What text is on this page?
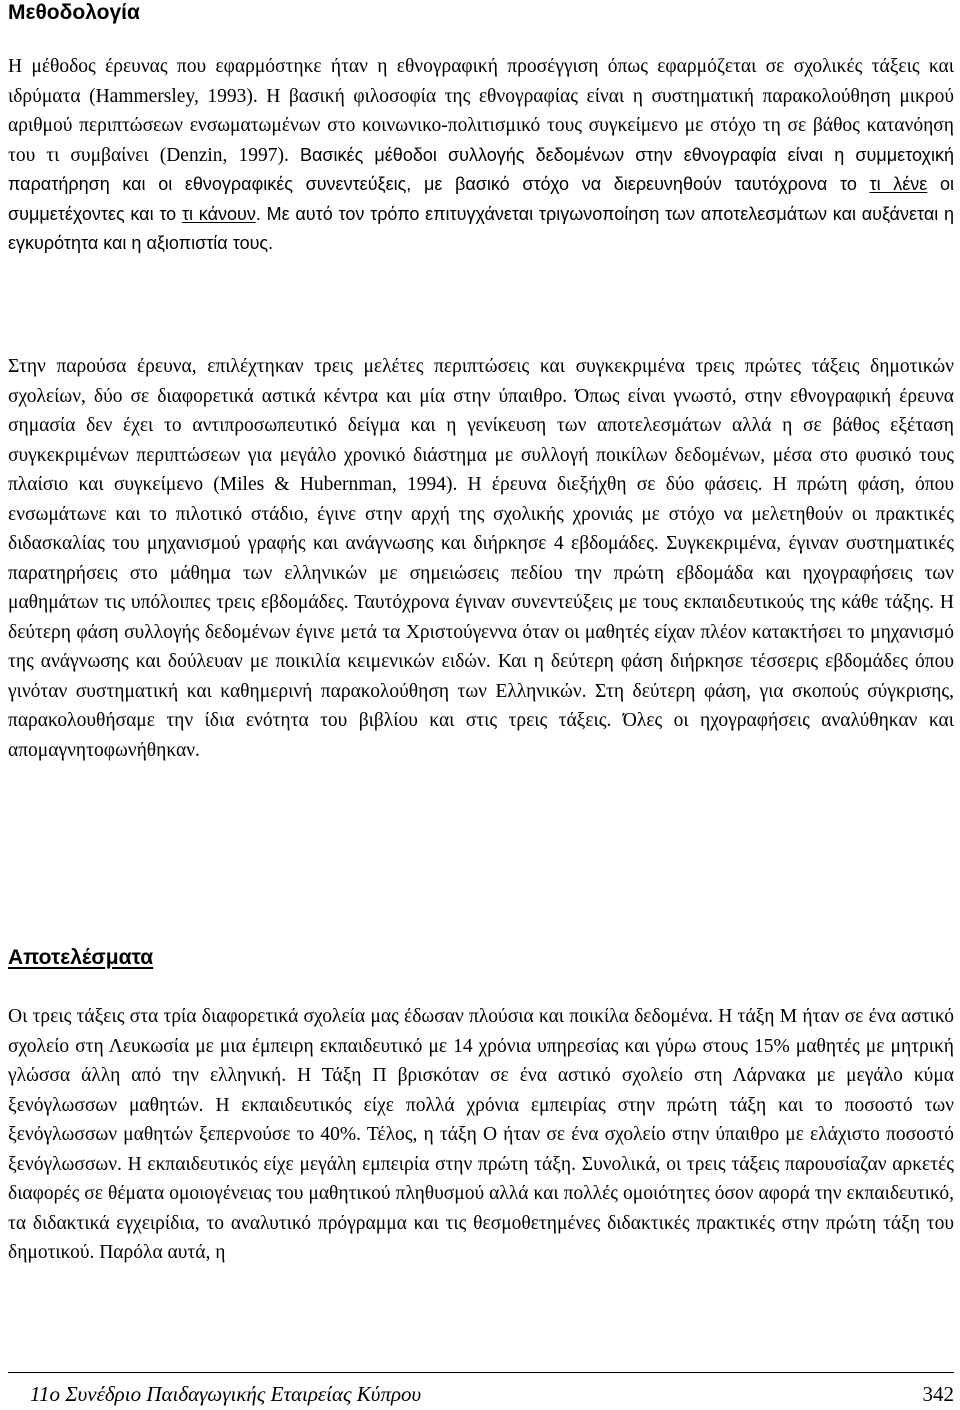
Μεθοδολογία

Η μέθοδος έρευνας που εφαρμόστηκε ήταν η εθνογραφική προσέγγιση όπως εφαρμόζεται σε σχολικές τάξεις και ιδρύματα (Hammersley, 1993). Η βασική φιλοσοφία της εθνογραφίας είναι η συστηματική παρακολούθηση μικρού αριθμού περιπτώσεων ενσωματωμένων στο κοινωνικο-πολιτισμικό τους συγκείμενο με στόχο τη σε βάθος κατανόηση του τι συμβαίνει (Denzin, 1997). Βασικές μέθοδοι συλλογής δεδομένων στην εθνογραφία είναι η συμμετοχική παρατήρηση και οι εθνογραφικές συνεντεύξεις, με βασικό στόχο να διερευνηθούν ταυτόχρονα το τι λένε οι συμμετέχοντες και το τι κάνουν. Με αυτό τον τρόπο επιτυγχάνεται τριγωνοποίηση των αποτελεσμάτων και αυξάνεται η εγκυρότητα και η αξιοπιστία τους.

Στην παρούσα έρευνα, επιλέχτηκαν τρεις μελέτες περιπτώσεις και συγκεκριμένα τρεις πρώτες τάξεις δημοτικών σχολείων, δύο σε διαφορετικά αστικά κέντρα και μία στην ύπαιθρο. Όπως είναι γνωστό, στην εθνογραφική έρευνα σημασία δεν έχει το αντιπροσωπευτικό δείγμα και η γενίκευση των αποτελεσμάτων αλλά η σε βάθος εξέταση συγκεκριμένων περιπτώσεων για μεγάλο χρονικό διάστημα με συλλογή ποικίλων δεδομένων, μέσα στο φυσικό τους πλαίσιο και συγκείμενο (Miles & Hubernman, 1994). Η έρευνα διεξήχθη σε δύο φάσεις. Η πρώτη φάση, όπου ενσωμάτωνε και το πιλοτικό στάδιο, έγινε στην αρχή της σχολικής χρονιάς με στόχο να μελετηθούν οι πρακτικές διδασκαλίας του μηχανισμού γραφής και ανάγνωσης και διήρκησε 4 εβδομάδες. Συγκεκριμένα, έγιναν συστηματικές παρατηρήσεις στο μάθημα των ελληνικών με σημειώσεις πεδίου την πρώτη εβδομάδα και ηχογραφήσεις των μαθημάτων τις υπόλοιπες τρεις εβδομάδες. Ταυτόχρονα έγιναν συνεντεύξεις με τους εκπαιδευτικούς της κάθε τάξης. Η δεύτερη φάση συλλογής δεδομένων έγινε μετά τα Χριστούγεννα όταν οι μαθητές είχαν πλέον κατακτήσει το μηχανισμό της ανάγνωσης και δούλευαν με ποικιλία κειμενικών ειδών. Και η δεύτερη φάση διήρκησε τέσσερις εβδομάδες όπου γινόταν συστηματική και καθημερινή παρακολούθηση των Ελληνικών. Στη δεύτερη φάση, για σκοπούς σύγκρισης, παρακολουθήσαμε την ίδια ενότητα του βιβλίου και στις τρεις τάξεις. Όλες οι ηχογραφήσεις αναλύθηκαν και απομαγνητοφωνήθηκαν.

Αποτελέσματα

Οι τρεις τάξεις στα τρία διαφορετικά σχολεία μας έδωσαν πλούσια και ποικίλα δεδομένα. Η τάξη Μ ήταν σε ένα αστικό σχολείο στη Λευκωσία με μια έμπειρη εκπαιδευτικό με 14 χρόνια υπηρεσίας και γύρω στους 15% μαθητές με μητρική γλώσσα άλλη από την ελληνική. Η Τάξη Π βρισκόταν σε ένα αστικό σχολείο στη Λάρνακα με μεγάλο κύμα ξενόγλωσσων μαθητών. Η εκπαιδευτικός είχε πολλά χρόνια εμπειρίας στην πρώτη τάξη και το ποσοστό των ξενόγλωσσων μαθητών ξεπερνούσε το 40%. Τέλος, η τάξη Ο ήταν σε ένα σχολείο στην ύπαιθρο με ελάχιστο ποσοστό ξενόγλωσσων. Η εκπαιδευτικός είχε μεγάλη εμπειρία στην πρώτη τάξη. Συνολικά, οι τρεις τάξεις παρουσίαζαν αρκετές διαφορές σε θέματα ομοιογένειας του μαθητικού πληθυσμού αλλά και πολλές ομοιότητες όσον αφορά την εκπαιδευτικό, τα διδακτικά εγχειρίδια, το αναλυτικό πρόγραμμα και τις θεσμοθετημένες διδακτικές πρακτικές στην πρώτη τάξη του δημοτικού. Παρόλα αυτά, η

11ο Συνέδριο Παιδαγωγικής Εταιρείας Κύπρου	342
